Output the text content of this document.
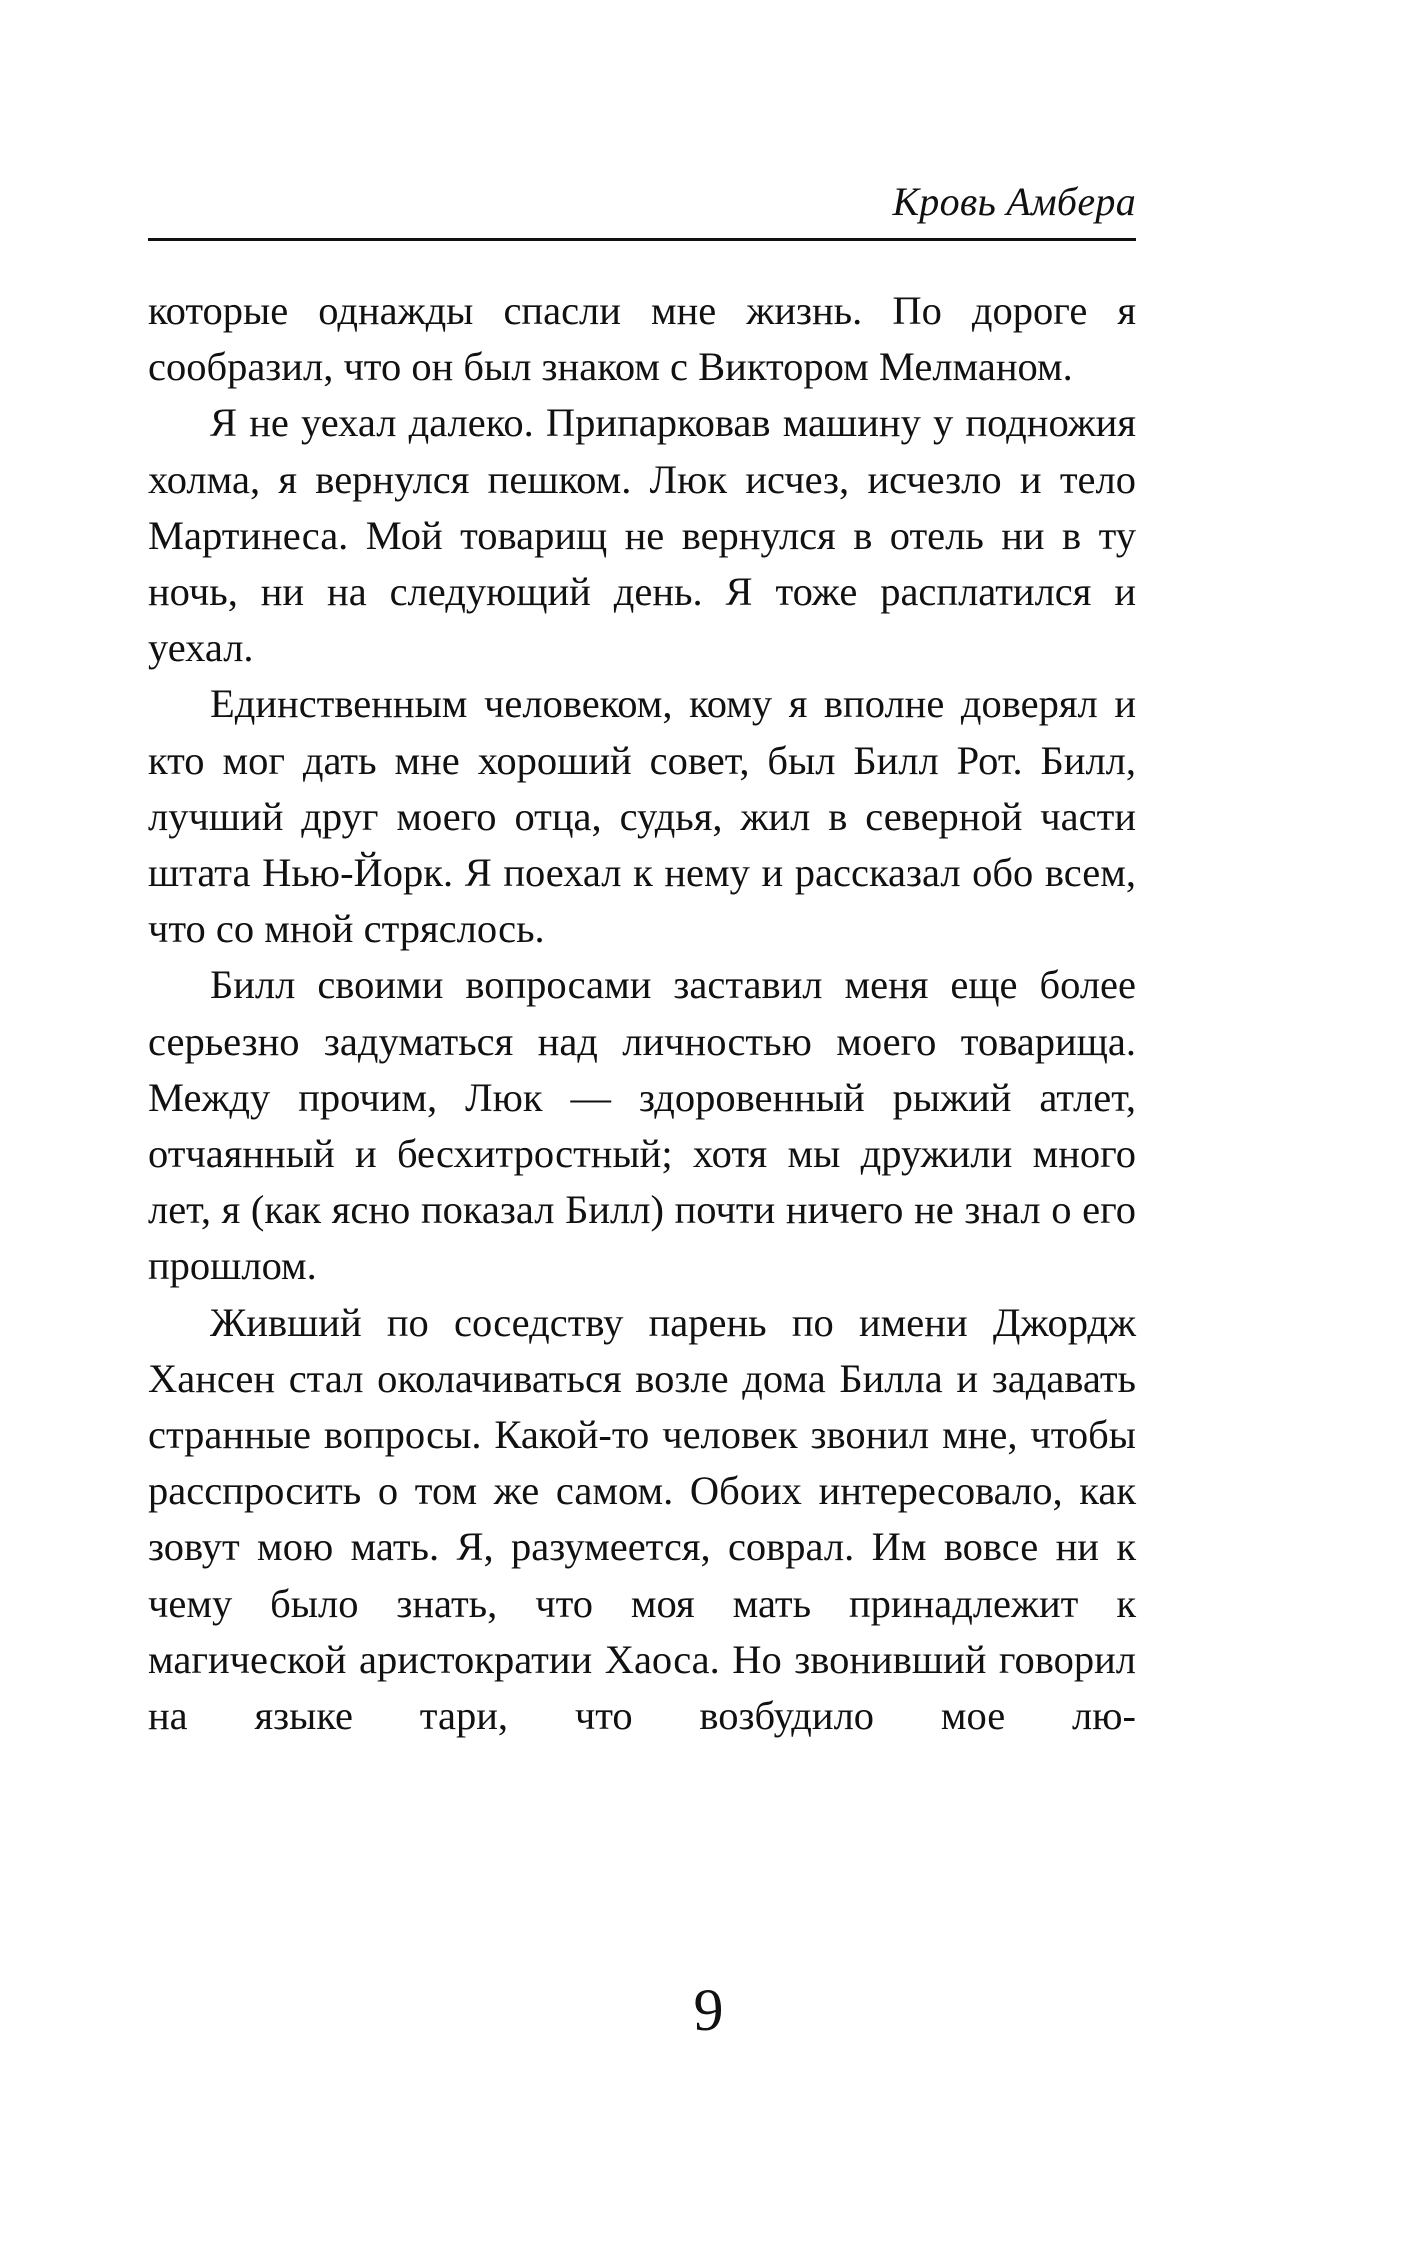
Кровь Амбера

которые однажды спасли мне жизнь. По дороге я сообразил, что он был знаком с Виктором Мелманом.

Я не уехал далеко. Припарковав машину у подножия холма, я вернулся пешком. Люк исчез, исчезло и тело Мартинеса. Мой товарищ не вернулся в отель ни в ту ночь, ни на следующий день. Я тоже расплатился и уехал.

Единственным человеком, кому я вполне доверял и кто мог дать мне хороший совет, был Билл Рот. Билл, лучший друг моего отца, судья, жил в северной части штата Нью-Йорк. Я поехал к нему и рассказал обо всем, что со мной стряслось.

Билл своими вопросами заставил меня еще более серьезно задуматься над личностью моего товарища. Между прочим, Люк — здоровенный рыжий атлет, отчаянный и бесхитростный; хотя мы дружили много лет, я (как ясно показал Билл) почти ничего не знал о его прошлом.

Живший по соседству парень по имени Джордж Хансен стал околачиваться возле дома Билла и задавать странные вопросы. Какой-то человек звонил мне, чтобы расспросить о том же самом. Обоих интересовало, как зовут мою мать. Я, разумеется, соврал. Им вовсе ни к чему было знать, что моя мать принадлежит к магической аристократии Хаоса. Но звонивший говорил на языке тари, что возбудило мое лю-

9
